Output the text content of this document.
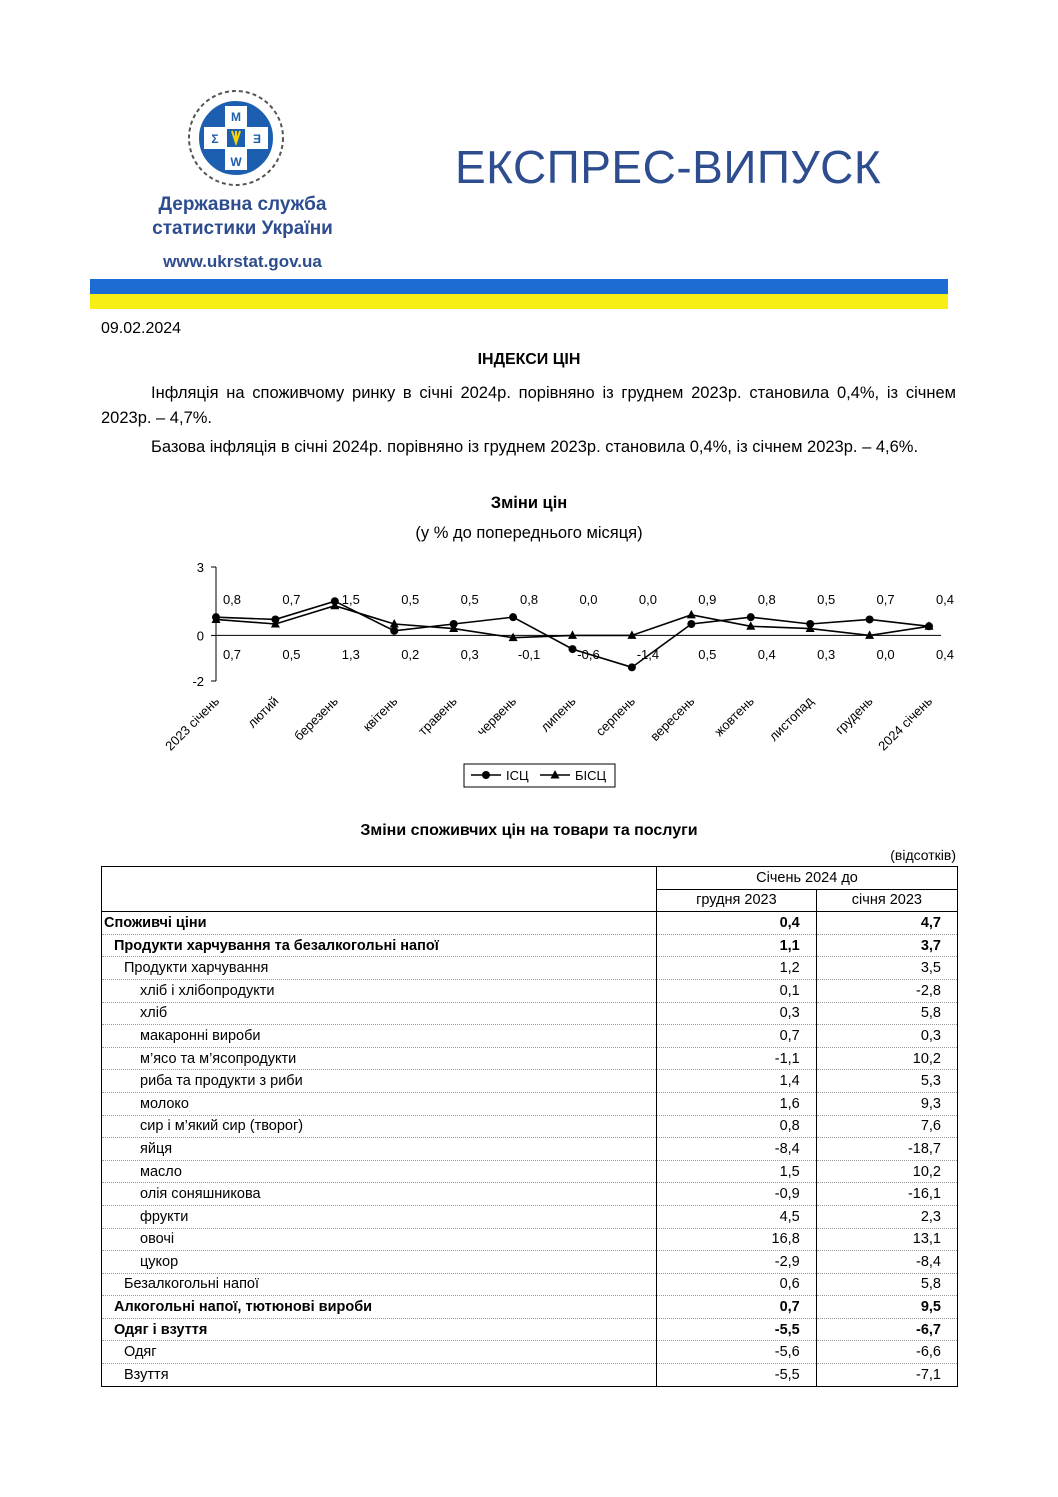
М
W
Σ	Ǝ
Державна служба
статистики України
www.ukrstat.gov.ua
ЕКСПРЕС-ВИПУСК
09.02.2024
ІНДЕКСИ ЦІН
Інфляція на споживчому ринку в січні 2024р. порівняно із груднем 2023р. становила 0,4%, із січнем 2023р. – 4,7%.
Базова інфляція в січні 2024р. порівняно із груднем 2023р. становила 0,4%, із січнем 2023р. – 4,6%.
Зміни цін
(у % до попереднього місяця)
3
0
-2
2023 січень лютий березень квітень травень червень липень серпень вересень жовтень листопад грудень 2024 січень
0,8
0,7
0,7
0,5
1,5
1,3
0,5
0,2
0,5
0,3
0,8
-0,1
0,0
-0,6
0,0
-1,4
0,9
0,5
0,8
0,4
0,5
0,3
0,7
0,0
0,4
0,4
ІСЦ	БІСЦ
Зміни споживчих цін на товари та послуги
(відсотків)
	Січень 2024 до	
	грудня 2023	січня 2023
Споживчі ціни	0,4	4,7
Продукти харчування та безалкогольні напої	1,1	3,7
Продукти харчування	1,2	3,5
хліб і хлібопродукти	0,1	-2,8
хліб	0,3	5,8
макаронні вироби	0,7	0,3
м’ясо та м’ясопродукти	-1,1	10,2
риба та продукти з риби	1,4	5,3
молоко	1,6	9,3
сир і м’який сир (творог)	0,8	7,6
яйця	-8,4	-18,7
масло	1,5	10,2
олія соняшникова	-0,9	-16,1
фрукти	4,5	2,3
овочі	16,8	13,1
цукор	-2,9	-8,4
Безалкогольні напої	0,6	5,8
Алкогольні напої, тютюнові вироби	0,7	9,5
Одяг і взуття	-5,5	-6,7
Одяг	-5,6	-6,6
Взуття	-5,5	-7,1
